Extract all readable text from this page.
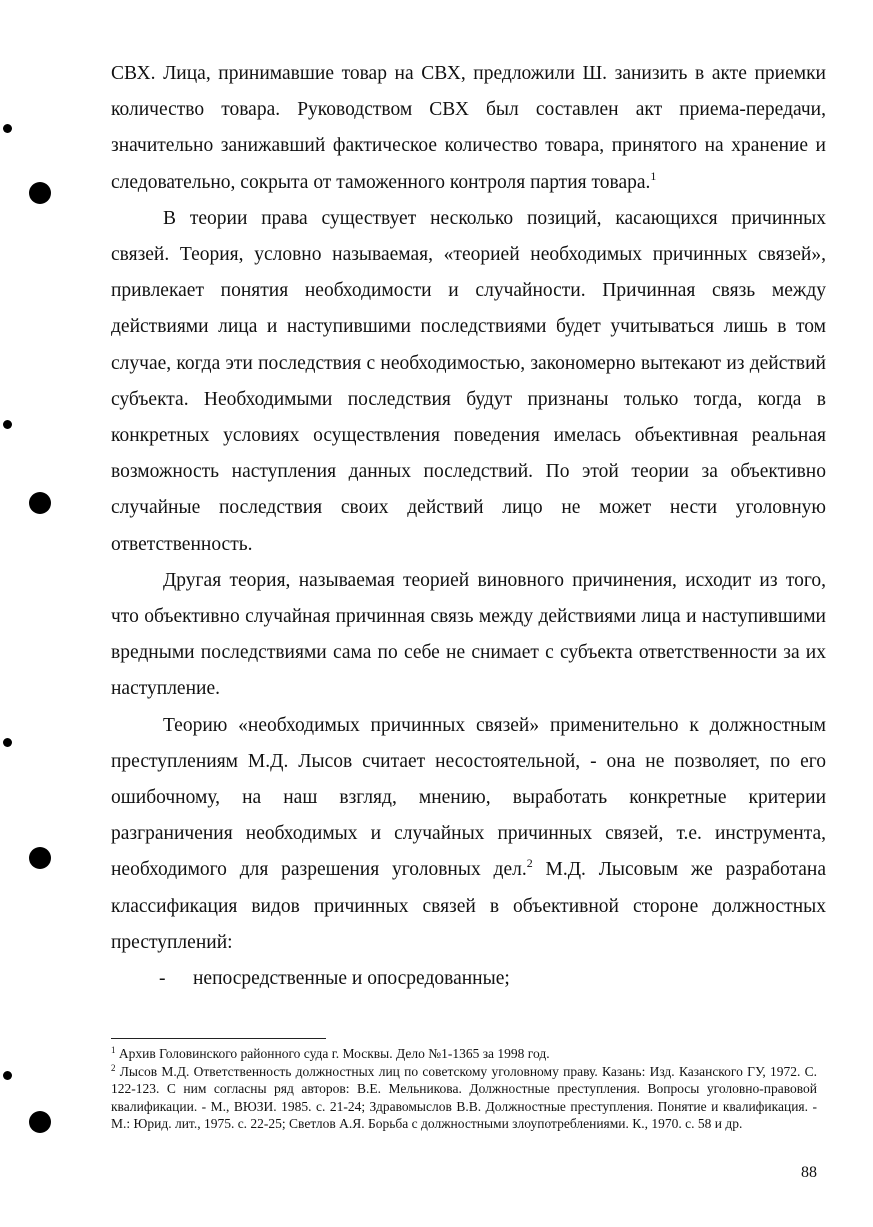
СВХ. Лица, принимавшие товар на СВХ, предложили Ш. занизить в акте приемки количество товара. Руководством СВХ был составлен акт приема-передачи, значительно занижавший фактическое количество товара, принятого на хранение и следовательно, сокрыта от таможенного контроля партия товара.$^1$

В теории права существует несколько позиций, касающихся причинных связей. Теория, условно называемая, «теорией необходимых причинных связей», привлекает понятия необходимости и случайности. Причинная связь между действиями лица и наступившими последствиями будет учитываться лишь в том случае, когда эти последствия с необходимостью, закономерно вытекают из действий субъекта. Необходимыми последствия будут признаны только тогда, когда в конкретных условиях осуществления поведения имелась объективная реальная возможность наступления данных последствий. По этой теории за объективно случайные последствия своих действий лицо не может нести уголовную ответственность.

Другая теория, называемая теорией виновного причинения, исходит из того, что объективно случайная причинная связь между действиями лица и наступившими вредными последствиями сама по себе не снимает с субъекта ответственности за их наступление.

Теорию «необходимых причинных связей» применительно к должностным преступлениям М.Д. Лысов считает несостоятельной, - она не позволяет, по его ошибочному, на наш взгляд, мнению, выработать конкретные критерии разграничения необходимых и случайных причинных связей, т.е. инструмента, необходимого для разрешения уголовных дел.$^2$ М.Д. Лысовым же разработана классификация видов причинных связей в объективной стороне должностных преступлений:

- непосредственные и опосредованные;

$^1$ Архив Головинского районного суда г. Москвы. Дело №1-1365 за 1998 год.

$^2$ Лысов М.Д. Ответственность должностных лиц по советскому уголовному праву. Казань: Изд. Казанского ГУ, 1972. С. 122-123. С ним согласны ряд авторов: В.Е. Мельникова. Должностные преступления. Вопросы уголовно-правовой квалификации. - М., ВЮЗИ. 1985. с. 21-24; Здравомыслов В.В. Должностные преступления. Понятие и квалификация. - М.: Юрид. лит., 1975. с. 22-25; Светлов А.Я. Борьба с должностными злоупотреблениями. К., 1970. с. 58 и др.

88
